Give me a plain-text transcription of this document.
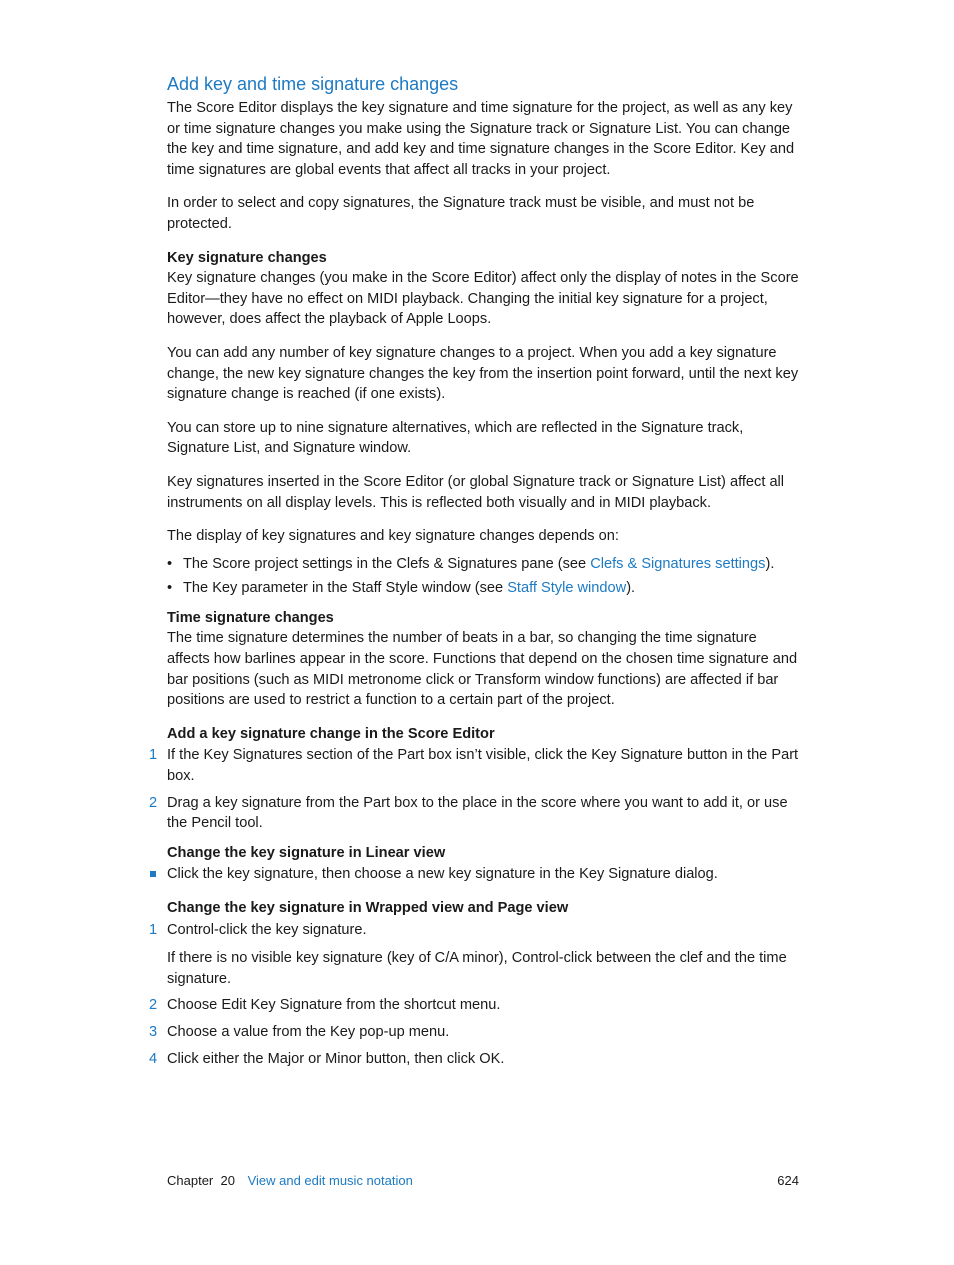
Add key and time signature changes

The Score Editor displays the key signature and time signature for the project, as well as any key or time signature changes you make using the Signature track or Signature List. You can change the key and time signature, and add key and time signature changes in the Score Editor. Key and time signatures are global events that affect all tracks in your project.

In order to select and copy signatures, the Signature track must be visible, and must not be protected.

Key signature changes

Key signature changes (you make in the Score Editor) affect only the display of notes in the Score Editor—they have no effect on MIDI playback. Changing the initial key signature for a project, however, does affect the playback of Apple Loops.

You can add any number of key signature changes to a project. When you add a key signature change, the new key signature changes the key from the insertion point forward, until the next key signature change is reached (if one exists).

You can store up to nine signature alternatives, which are reflected in the Signature track, Signature List, and Signature window.

Key signatures inserted in the Score Editor (or global Signature track or Signature List) affect all instruments on all display levels. This is reflected both visually and in MIDI playback.

The display of key signatures and key signature changes depends on:

• The Score project settings in the Clefs & Signatures pane (see Clefs & Signatures settings).
• The Key parameter in the Staff Style window (see Staff Style window).
Time signature changes

The time signature determines the number of beats in a bar, so changing the time signature affects how barlines appear in the score. Functions that depend on the chosen time signature and bar positions (such as MIDI metronome click or Transform window functions) are affected if bar positions are used to restrict a function to a certain part of the project.

Add a key signature change in the Score Editor
1 If the Key Signatures section of the Part box isn’t visible, click the Key Signature button in the Part box.
2 Drag a key signature from the Part box to the place in the score where you want to add it, or use the Pencil tool.
Change the key signature in Linear view
Click the key signature, then choose a new key signature in the Key Signature dialog.
Change the key signature in Wrapped view and Page view
1 Control-click the key signature.
If there is no visible key signature (key of C/A minor), Control-click between the clef and the time signature.
2 Choose Edit Key Signature from the shortcut menu.
3 Choose a value from the Key pop-up menu.
4 Click either the Major or Minor button, then click OK.
Chapter  20 View and edit music notation	624
